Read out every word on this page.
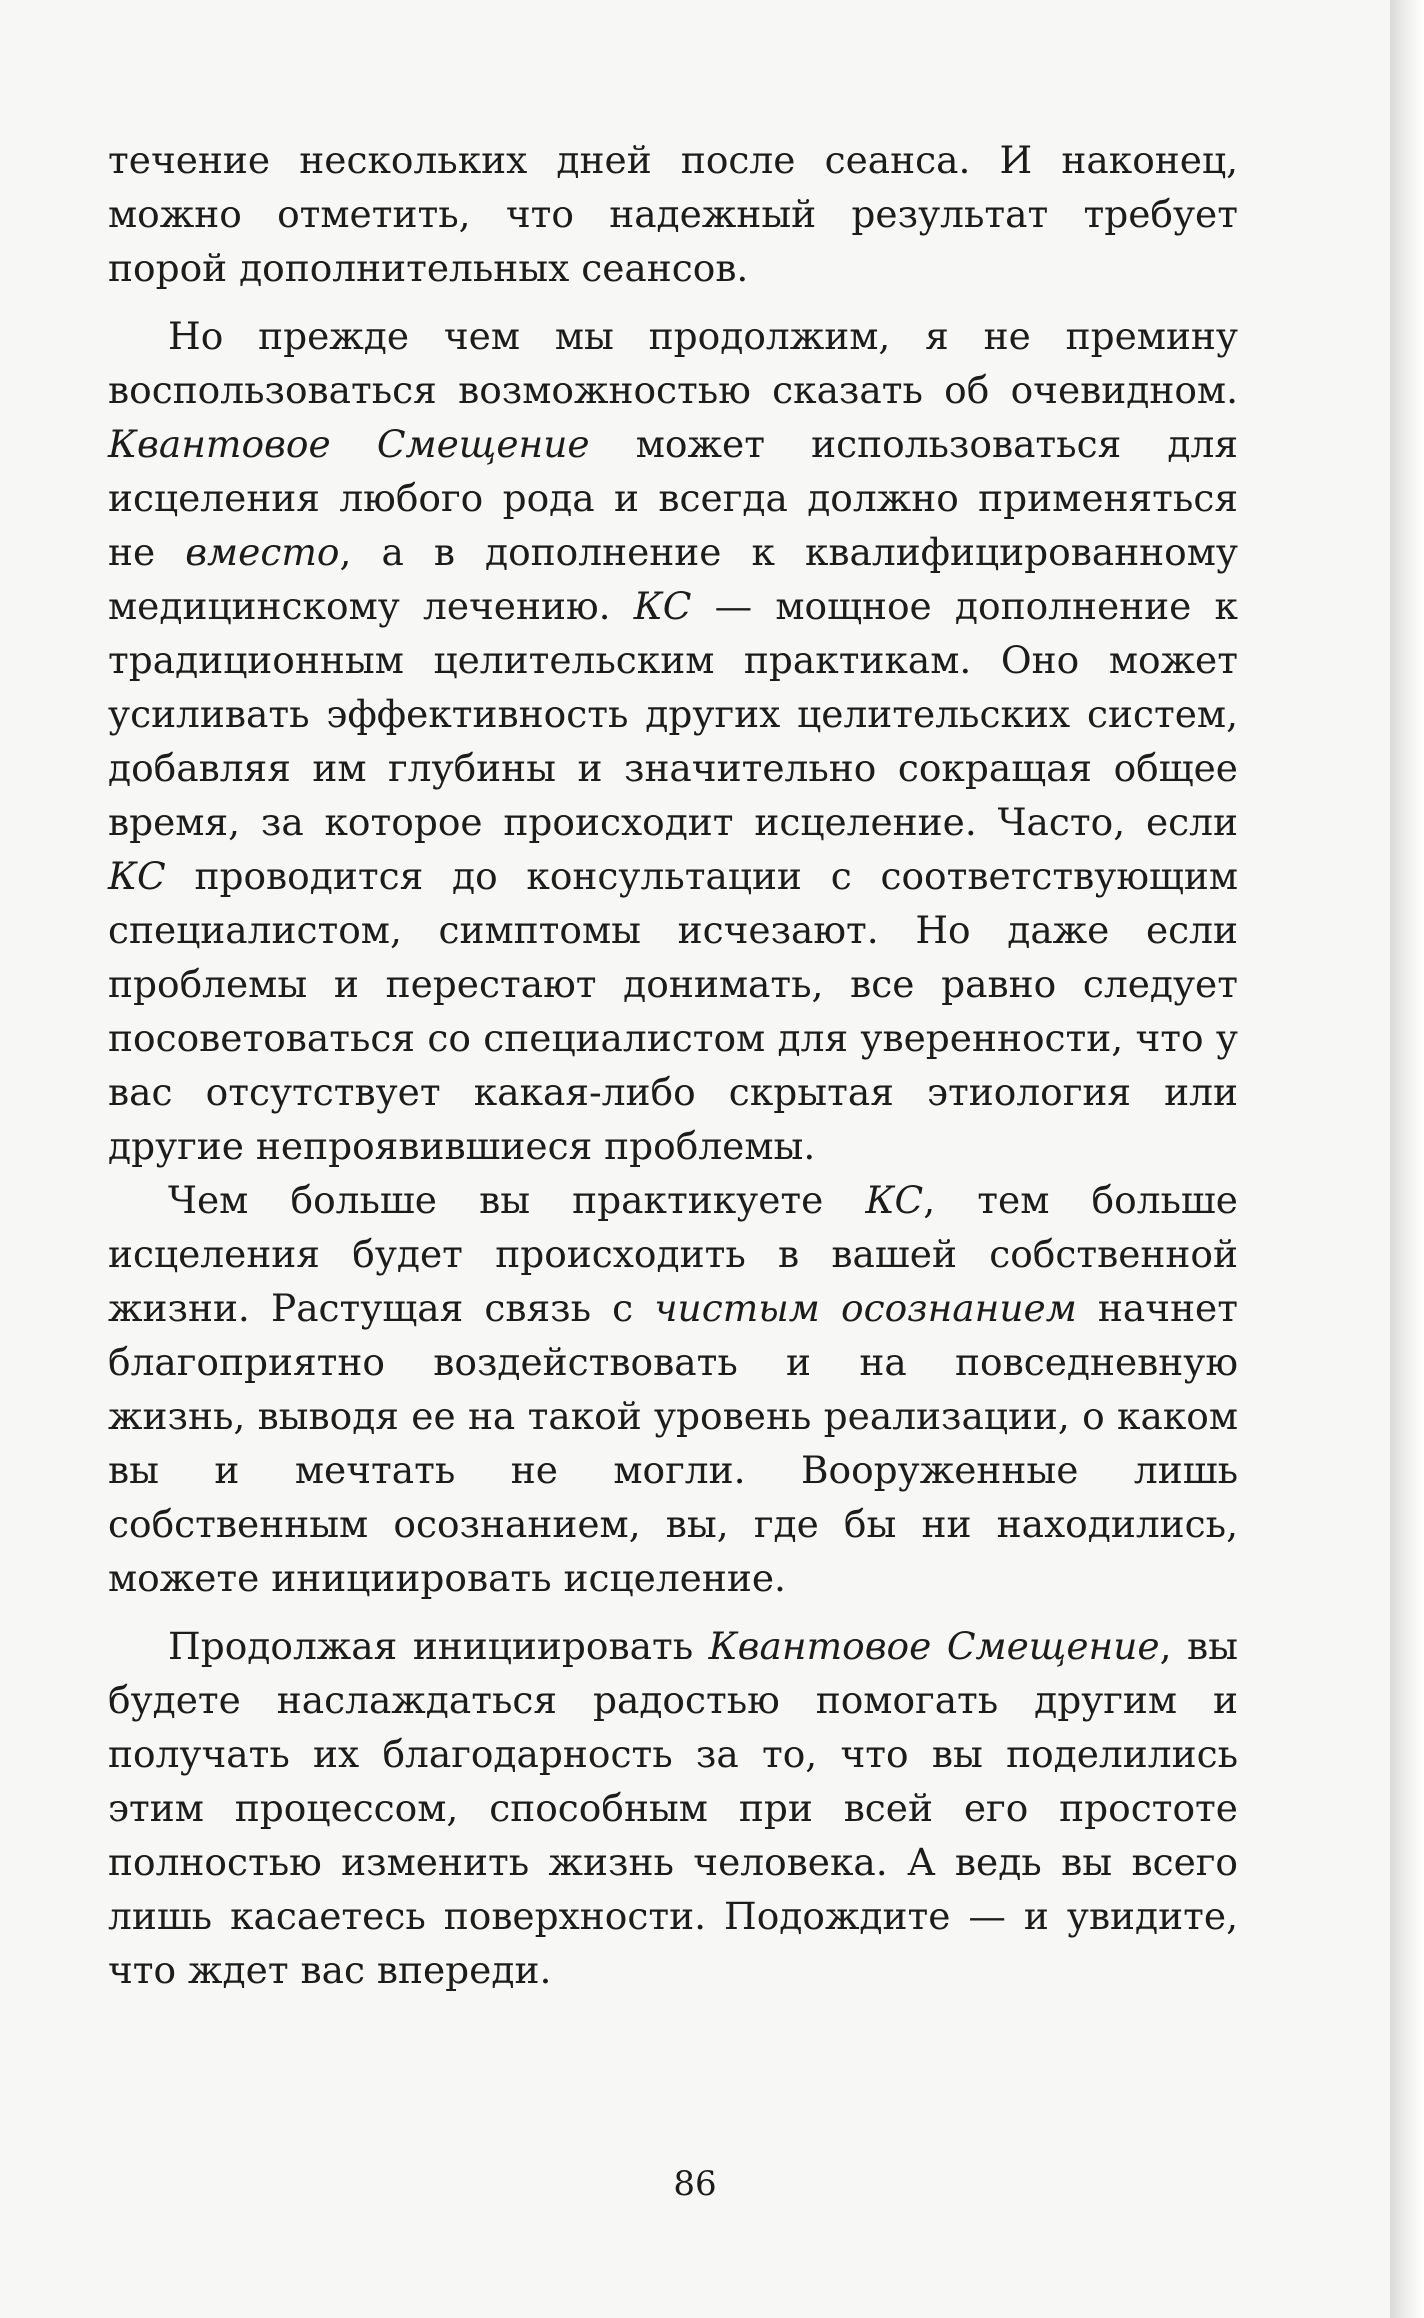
течение нескольких дней после сеанса. И наконец, можно отметить, что надежный результат требует порой дополнительных сеансов.

Но прежде чем мы продолжим, я не премину воспользоваться возможностью сказать об очевидном. Квантовое Смещение может использоваться для исцеления любого рода и всегда должно применяться не вместо, а в дополнение к квалифицированному медицинскому лечению. КС — мощное дополнение к традиционным целительским практикам. Оно может усиливать эффективность других целительских систем, добавляя им глубины и значительно сокращая общее время, за которое происходит исцеление. Часто, если КС проводится до консультации с соответствующим специалистом, симптомы исчезают. Но даже если проблемы и перестают донимать, все равно следует посоветоваться со специалистом для уверенности, что у вас отсутствует какая-либо скрытая этиология или другие непроявившиеся проблемы.

Чем больше вы практикуете КС, тем больше исцеления будет происходить в вашей собственной жизни. Растущая связь с чистым осознанием начнет благоприятно воздействовать и на повседневную жизнь, выводя ее на такой уровень реализации, о каком вы и мечтать не могли. Вооруженные лишь собственным осознанием, вы, где бы ни находились, можете инициировать исцеление.

Продолжая инициировать Квантовое Смещение, вы будете наслаждаться радостью помогать другим и получать их благодарность за то, что вы поделились этим процессом, способным при всей его простоте полностью изменить жизнь человека. А ведь вы всего лишь касаетесь поверхности. Подождите — и увидите, что ждет вас впереди.

86
